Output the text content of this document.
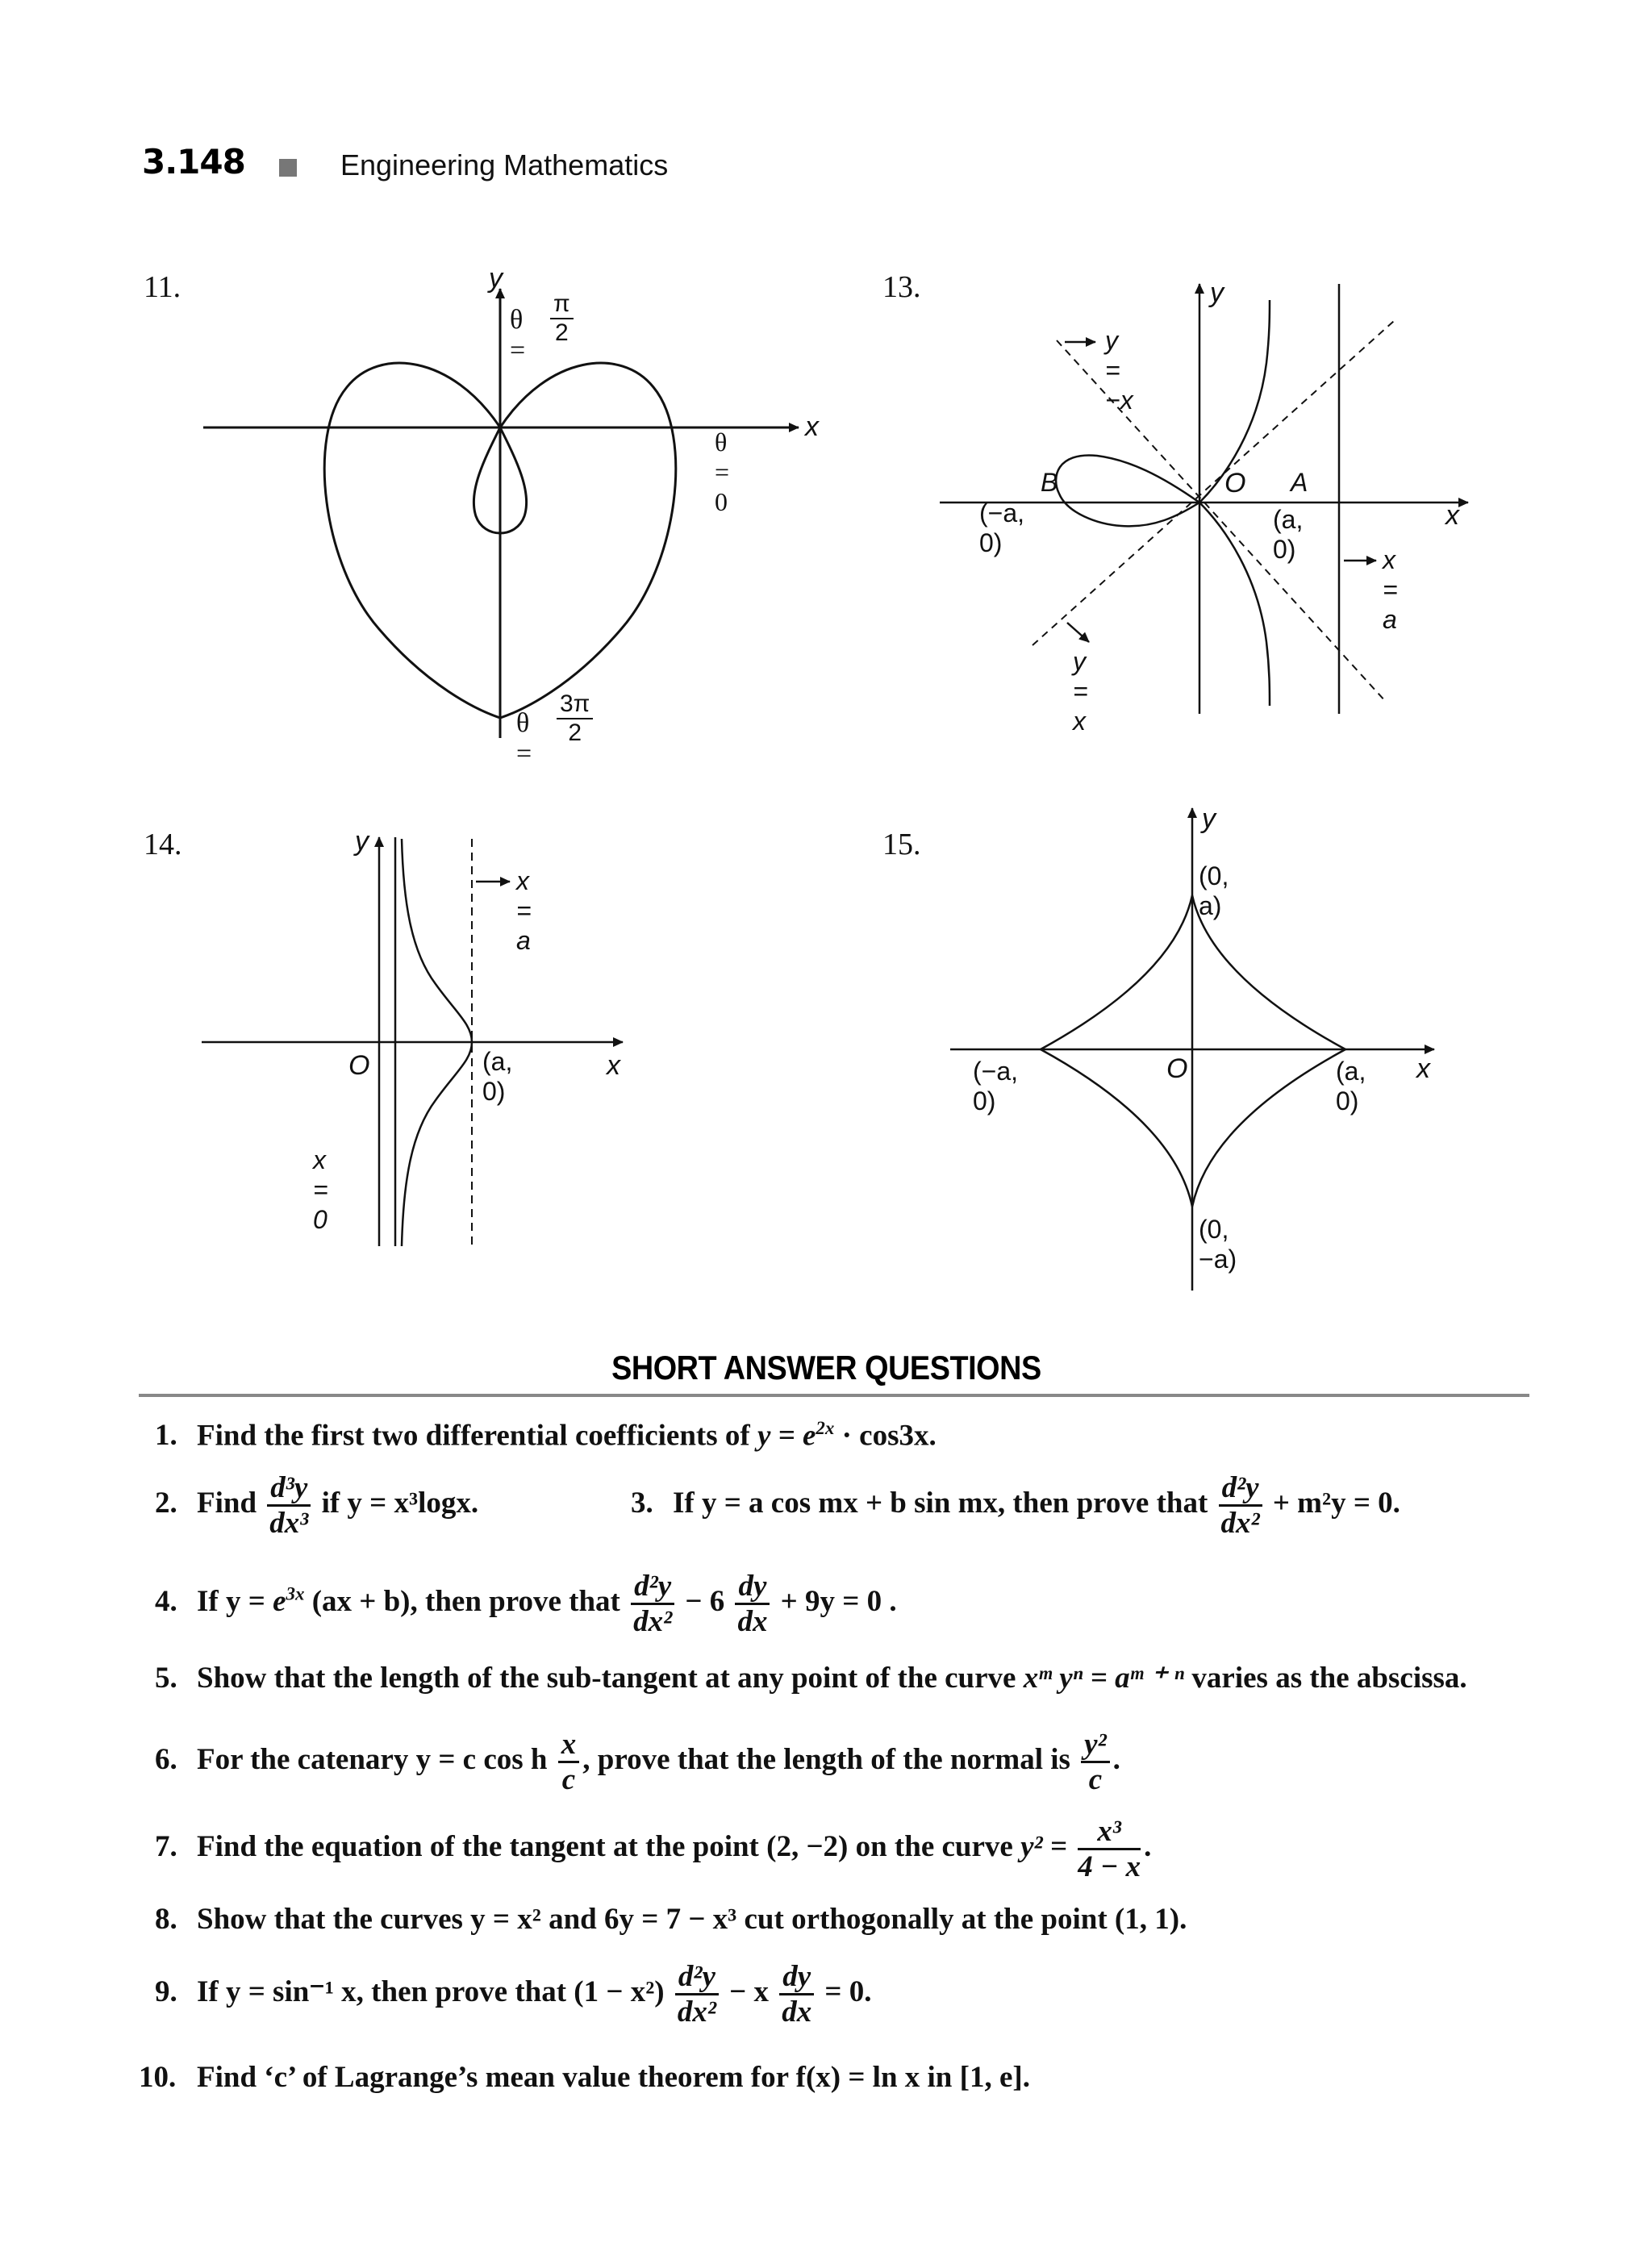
3.148	Engineering Mathematics
11.	y
x
θ =
$\frac{\pi}{2}$
θ = 0
θ =
$\frac{3\pi}{2}$
13.	y
x
y = −x
y = x
B
(−a, 0)
O A
(a, 0)	x = a
14.	y
x
x = a
O	(a, 0)
x = 0
15.
y
x
(0, a)
(−a, 0)
O	(a, 0)
(0, −a)
SHORT ANSWER QUESTIONS
1. Find the first two differential coefficients of $y = e^{2x} \cdot \cos 3x$.
2. Find $\frac{\text{d³y}}{\text{dx³}}$ if y = x³logx.	3. If y = a cos mx + b sin mx, then prove that $\frac{\text{d²y}}{\text{dx²}} + m^2y = 0$.
4. If $y = e^{3x}$ (ax + b), then prove that $\frac{\text{d²y}}{\text{dx²}} - 6 \frac{dy}{dx} + 9y = 0$ .
5. Show that the length of the sub-tangent at any point of the curve xᵐ yⁿ = aᵐ ⁺ ⁿ varies as the abscissa.
6. For the catenary y = c cos h $\frac{x}{c}$ , prove that the length of the normal is $\frac{\text{y²}}{c}$ .
7. Find the equation of the tangent at the point (2, −2) on the curve $y^2 = \frac{\text{x³}}{4 - x}$ .
8. Show that the curves y = x² and 6y = 7 − x³ cut orthogonally at the point (1, 1).
9. If y = sin⁻¹ x, then prove that $(1 - x^2) \frac{\text{d²y}}{\text{dx²}} - x \frac{dy}{dx} = 0$.
10. Find ‘c’ of Lagrange’s mean value theorem for f(x) = ln x in [1, e].
